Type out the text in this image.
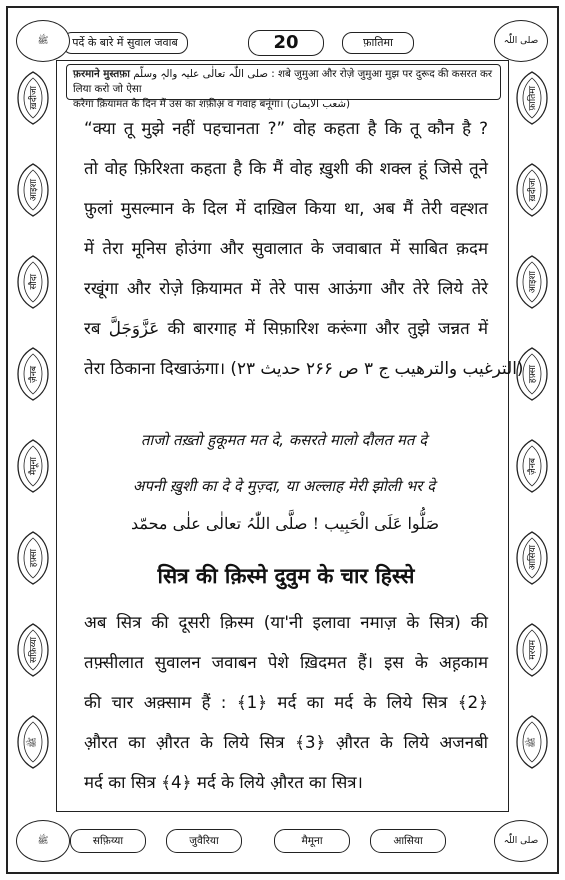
पर्दे के बारे में सुवाल जवाब	20	फ़ातिमा
ﷺ	صلی اللّٰہ
ख़दीजा
आइशा
सौदा
ज़ैनब
मैमूना
हफ़्सा
सफ़िय्या
ﷺ
फ़ातिमा
ख़दीजा
आइशा
हफ़्सा
ज़ैनब
आसिया
मरयम
ﷺ
फ़रमाने मुस्तफ़ा صلی اللّٰہ تعالٰی علیہ والہٖ وسلّم : शबे जुमुआ और रोज़े जुमुआ मुझ पर दुरूद की कसरत कर लिया करो जो ऐसा
करेगा क़ियामत के दिन मैं उस का शफ़ीअ़ व गवाह बनूंगा। (شعب الایمان)
“क्या तू मुझे नहीं पहचानता ?” वोह कहता है कि तू कौन है ?
तो वोह फ़िरिश्ता कहता है कि मैं वोह ख़ुशी की शक्ल हूं जिसे तूने
फ़ुलां मुसल्मान के दिल में दाख़िल किया था, अब मैं तेरी वह्शत
में तेरा मूनिस होउंगा और सुवालात के जवाबात में साबित क़दम
रखूंगा और रोज़े क़ियामत में तेरे पास आऊंगा और तेरे लिये तेरे
रब عَزَّوَجَلَّ की बारगाह में सिफ़ारिश करूंगा और तुझे जन्नत में
तेरा ठिकाना दिखाऊंगा। (الترغیب والترھیب ج ۳ ص ۲۶۶ حدیث ۲۳)
ताजो तख़्तो हुकूमत मत दे, कसरते मालो दौलत मत दे
अपनी ख़ुशी का दे दे मुज़्दा, या अल्लाह मेरी झोली भर दे
صَلُّوا عَلَی الْحَبِیب ! صلَّی اللّٰہُ تعالٰی علٰی محمّد
सित्र की क़िस्मे दुवुम के चार हिस्से
अब सित्र की दूसरी क़िस्म (या'नी इलावा नमाज़ के सित्र) की
तफ़्सीलात सुवालन जवाबन पेशे ख़िदमत हैं। इस के अह़काम
की चार अक़्साम हैं : ﴾1﴿ मर्द का मर्द के लिये सित्र ﴾2﴿
औ़रत का औ़रत के लिये सित्र ﴾3﴿ औ़रत के लिये अजनबी
मर्द का सित्र ﴾4﴿ मर्द के लिये औ़रत का सित्र।
सफ़िय्या	जुवैरिया	मैमूना	आसिया
ﷺ	صلی اللّٰہ
